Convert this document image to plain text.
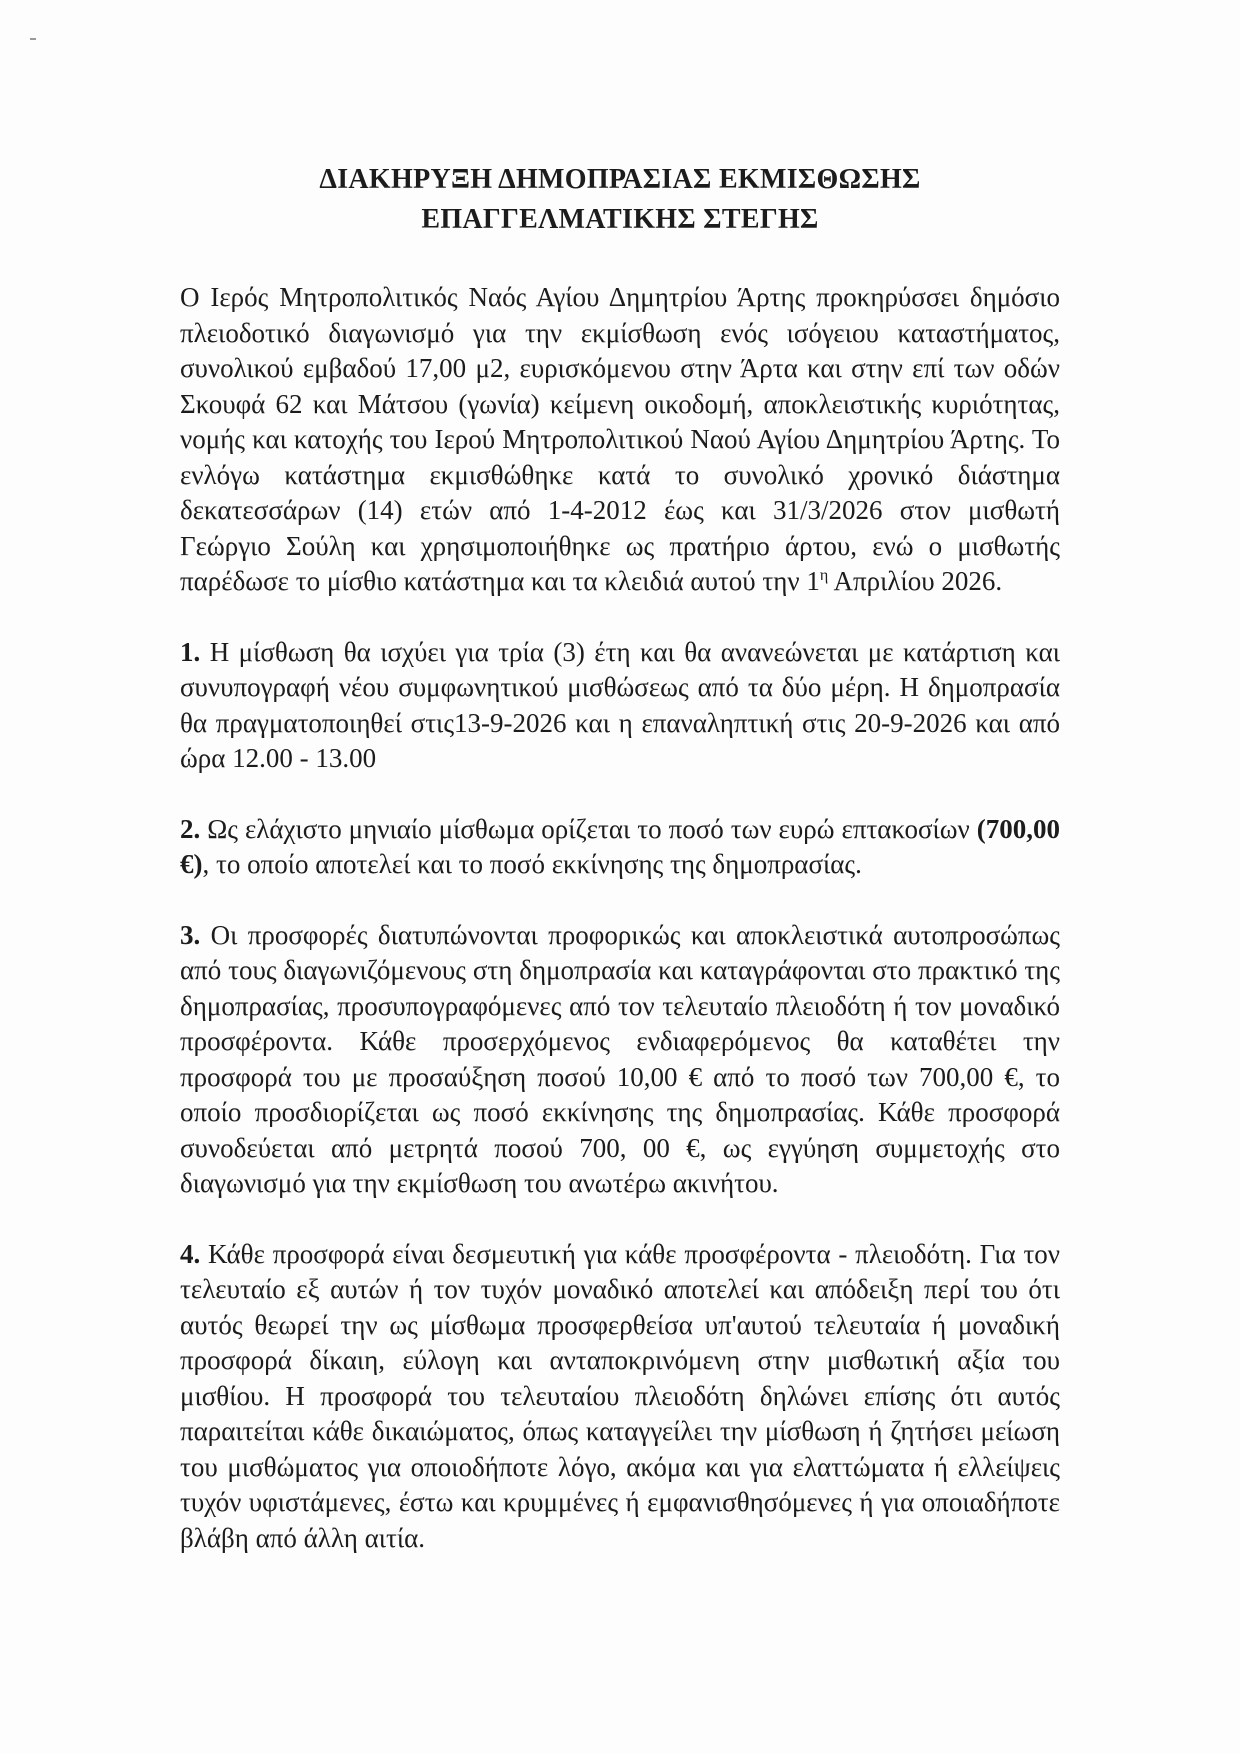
ΔΙΑΚΗΡΥΞΗ ΔΗΜΟΠΡΑΣΙΑΣ ΕΚΜΙΣΘΩΣΗΣ
ΕΠΑΓΓΕΛΜΑΤΙΚΗΣ ΣΤΕΓΗΣ

Ο Ιερός Μητροπολιτικός Ναός Αγίου Δημητρίου Άρτης προκηρύσσει δημόσιο πλειοδοτικό διαγωνισμό για την εκμίσθωση ενός ισόγειου καταστήματος, συνολικού εμβαδού 17,00 μ2, ευρισκόμενου στην Άρτα και στην επί των οδών Σκουφά 62 και Μάτσου (γωνία) κείμενη οικοδομή, αποκλειστικής κυριότητας, νομής και κατοχής του Ιερού Μητροπολιτικού Ναού Αγίου Δημητρίου Άρτης. Το ενλόγω κατάστημα εκμισθώθηκε κατά το συνολικό χρονικό διάστημα δεκατεσσάρων (14) ετών από 1-4-2012 έως και 31/3/2026 στον μισθωτή Γεώργιο Σούλη και χρησιμοποιήθηκε ως πρατήριο άρτου, ενώ ο μισθωτής παρέδωσε το μίσθιο κατάστημα και τα κλειδιά αυτού την $1^\eta$ Απριλίου 2026.

1. Η μίσθωση θα ισχύει για τρία (3) έτη και θα ανανεώνεται με κατάρτιση και συνυπογραφή νέου συμφωνητικού μισθώσεως από τα δύο μέρη. Η δημοπρασία θα πραγματοποιηθεί στις13-9-2026 και η επαναληπτική στις 20-9-2026 και από ώρα 12.00 - 13.00

2. Ως ελάχιστο μηνιαίο μίσθωμα ορίζεται το ποσό των ευρώ επτακοσίων (700,00 €), το οποίο αποτελεί και το ποσό εκκίνησης της δημοπρασίας.

3. Οι προσφορές διατυπώνονται προφορικώς και αποκλειστικά αυτοπροσώπως από τους διαγωνιζόμενους στη δημοπρασία και καταγράφονται στο πρακτικό της δημοπρασίας, προσυπογραφόμενες από τον τελευταίο πλειοδότη ή τον μοναδικό προσφέροντα. Κάθε προσερχόμενος ενδιαφερόμενος θα καταθέτει την προσφορά του με προσαύξηση ποσού 10,00 € από το ποσό των 700,00 €, το οποίο προσδιορίζεται ως ποσό εκκίνησης της δημοπρασίας. Κάθε προσφορά συνοδεύεται από μετρητά ποσού 700, 00 €, ως εγγύηση συμμετοχής στο διαγωνισμό για την εκμίσθωση του ανωτέρω ακινήτου.

4. Κάθε προσφορά είναι δεσμευτική για κάθε προσφέροντα - πλειοδότη. Για τον τελευταίο εξ αυτών ή τον τυχόν μοναδικό αποτελεί και απόδειξη περί του ότι αυτός θεωρεί την ως μίσθωμα προσφερθείσα υπ'αυτού τελευταία ή μοναδική προσφορά δίκαιη, εύλογη και ανταποκρινόμενη στην μισθωτική αξία του μισθίου. Η προσφορά του τελευταίου πλειοδότη δηλώνει επίσης ότι αυτός παραιτείται κάθε δικαιώματος, όπως καταγγείλει την μίσθωση ή ζητήσει μείωση του μισθώματος για οποιοδήποτε λόγο, ακόμα και για ελαττώματα ή ελλείψεις τυχόν υφιστάμενες, έστω και κρυμμένες ή εμφανισθησόμενες ή για οποιαδήποτε βλάβη από άλλη αιτία.
